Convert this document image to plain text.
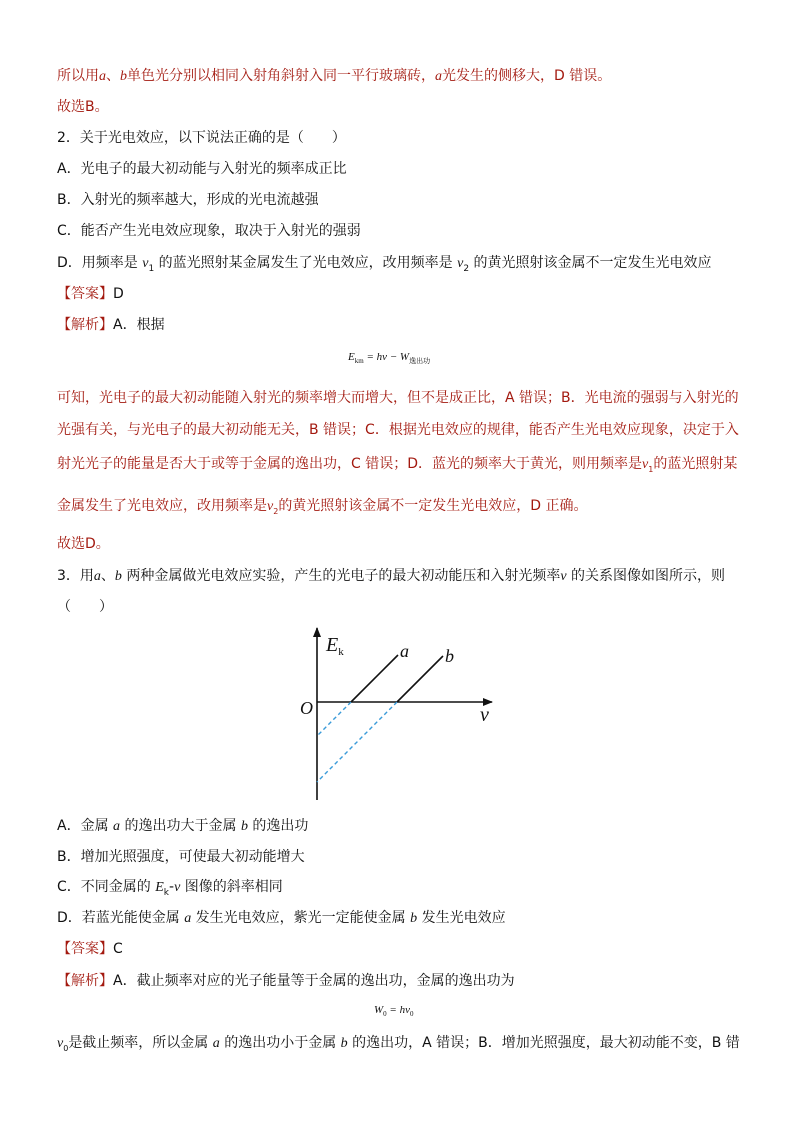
所以用a、b单色光分别以相同入射角斜射入同一平行玻璃砖，a光发生的侧移大，D 错误。
故选B。
2．关于光电效应，以下说法正确的是（　　）
A．光电子的最大初动能与入射光的频率成正比
B．入射光的频率越大，形成的光电流越强
C．能否产生光电效应现象，取决于入射光的强弱
D．用频率是 $\nu_1$ 的蓝光照射某金属发生了光电效应，改用频率是 $\nu_2$ 的黄光照射该金属不一定发生光电效应
【答案】D
【解析】A．根据
$E_{km} = h\nu - W_{逸出功}$
可知，光电子的最大初动能随入射光的频率增大而增大，但不是成正比，A 错误；B．光电流的强弱与入射光的
光强有关，与光电子的最大初动能无关，B 错误；C．根据光电效应的规律，能否产生光电效应现象，决定于入
射光光子的能量是否大于或等于金属的逸出功，C 错误；D．蓝光的频率大于黄光，则用频率是$\nu_1$的蓝光照射某
金属发生了光电效应，改用频率是$\nu_2$的黄光照射该金属不一定发生光电效应，D 正确。
故选D。
3．用a、b 两种金属做光电效应实验，产生的光电子的最大初动能压和入射光频率ν 的关系图像如图所示，则
（　　）
$E_k$
ν
O
a b
A．金属 a 的逸出功大于金属 b 的逸出功
B．增加光照强度，可使最大初动能增大
C．不同金属的 $E_k-\nu$ 图像的斜率相同
D．若蓝光能使金属 a 发生光电效应，紫光一定能使金属 b 发生光电效应
【答案】C
【解析】A．截止频率对应的光子能量等于金属的逸出功，金属的逸出功为
$W_0 = h\nu_0$
$\nu_0$是截止频率，所以金属 a 的逸出功小于金属 b 的逸出功，A 错误；B．增加光照强度，最大初动能不变，B 错
